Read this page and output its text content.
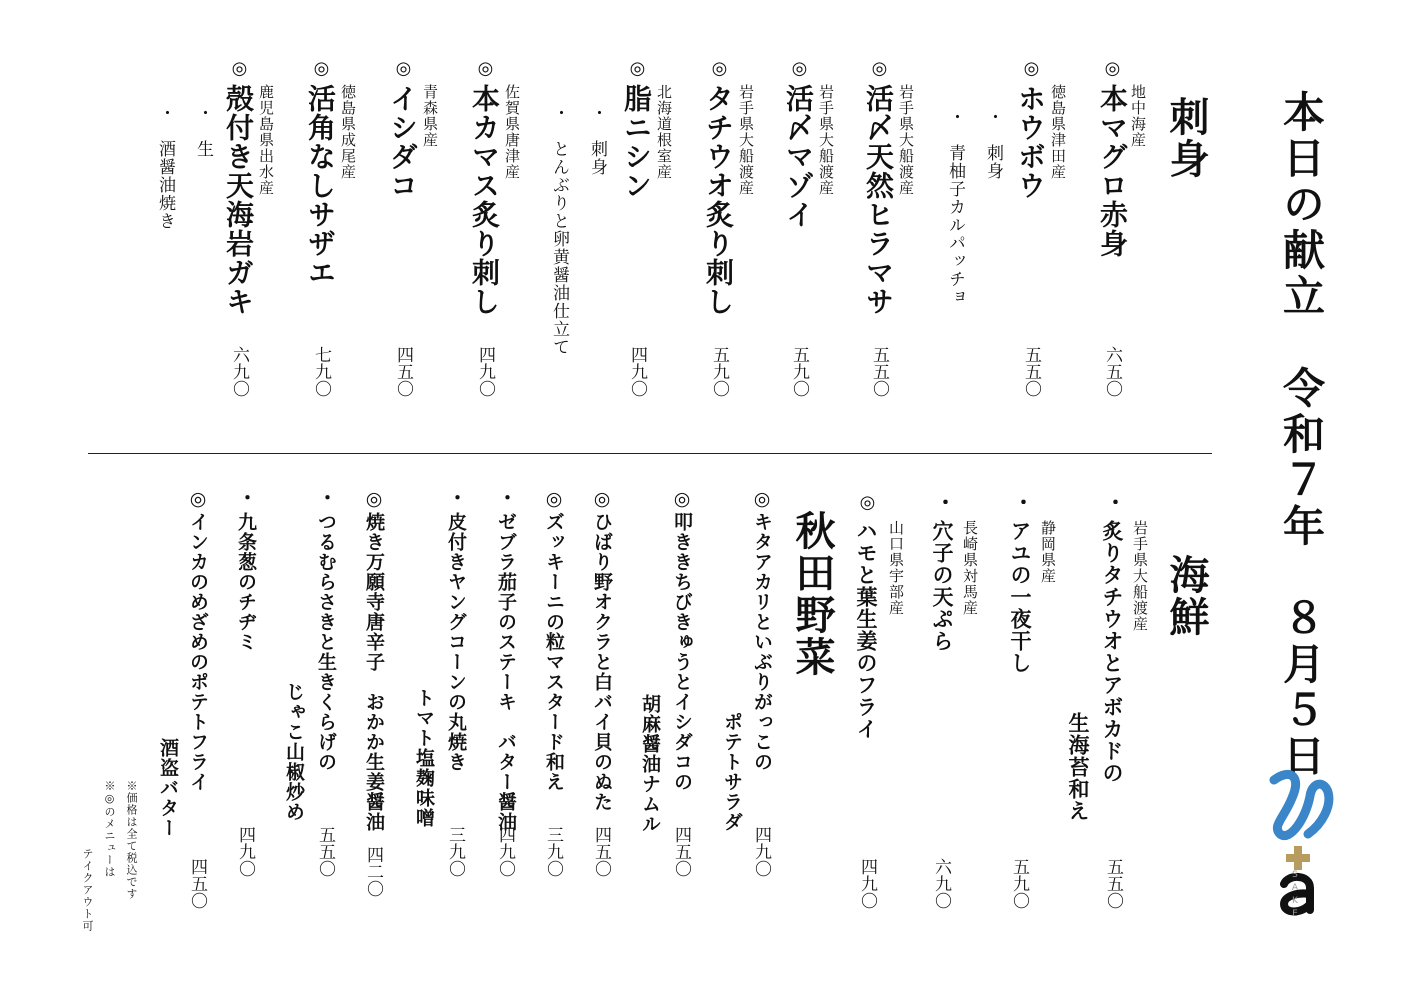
本日の献立　令和７年　８月５日
刺身
海鮮
秋田野菜
◎
地中海産
本マグロ赤身
六五〇
◎
徳島県津田産
ホウボウ
・　刺身
・　青柚子カルパッチョ
五五〇
◎
岩手県大船渡産
活〆天然ヒラマサ
五五〇
◎
岩手県大船渡産
活〆マゾイ
五九〇
◎
岩手県大船渡産
タチウオ炙り刺し
五九〇
◎
北海道根室産
脂ニシン
・　刺身
・　とんぶりと卵黄醤油仕立て
四九〇
◎
佐賀県唐津産
本カマス炙り刺し
四九〇
◎
青森県産
イシダコ
四五〇
◎
徳島県成尾産
活角なしサザエ
七九〇
◎
鹿児島県出水産
殻付き天海岩ガキ
・　生
・　酒醤油焼き
六九〇
・
岩手県大船渡産
炙りタチウオとアボカドの
生海苔和え
五五〇
・
静岡県産
アユの一夜干し
五九〇
・
長崎県対馬産
穴子の天ぷら
六九〇
◎
山口県宇部産
ハモと葉生姜のフライ
四九〇
◎
キタアカリといぶりがっこの
ポテトサラダ
四九〇
◎
叩ききちびきゅうとイシダコの
胡麻醤油ナムル
四五〇
◎
ひばり野オクラと白バイ貝のぬた
四五〇
◎
ズッキーニの粒マスタード和え
三九〇
・
ゼブラ茄子のステーキ　バター醤油
四九〇
・
皮付きヤングコーンの丸焼き
トマト塩麹味噌
三九〇
◎
焼き万願寺唐辛子　おかか生姜醤油
四二〇
・
つるむらさきと生きくらげの
じゃこ山椒炒め
五五〇
・
九条葱のチヂミ
四九〇
◎
インカのめざめのポテトフライ
酒盗バター
四五〇
※価格は全て税込です
※◎のメニューは
テイクアウト可	SAKE
